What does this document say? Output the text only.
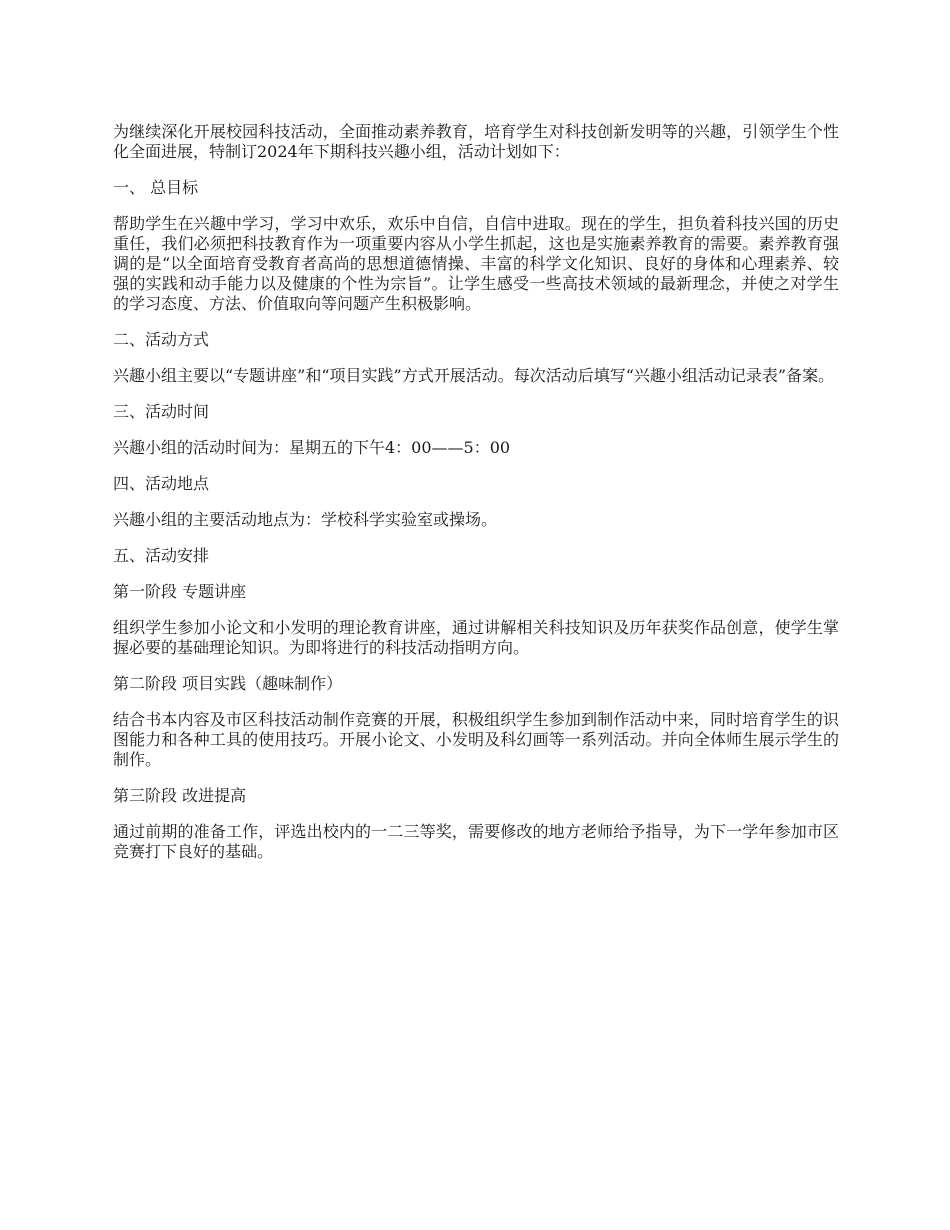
为继续深化开展校园科技活动，全面推动素养教育，培育学生对科技创新发明等的兴趣，引领学生个性化全面进展，特制订2024年下期科技兴趣小组，活动计划如下：

一、 总目标

帮助学生在兴趣中学习，学习中欢乐，欢乐中自信，自信中进取。现在的学生，担负着科技兴国的历史重任，我们必须把科技教育作为一项重要内容从小学生抓起，这也是实施素养教育的需要。素养教育强调的是“以全面培育受教育者高尚的思想道德情操、丰富的科学文化知识、良好的身体和心理素养、较强的实践和动手能力以及健康的个性为宗旨”。让学生感受一些高技术领域的最新理念，并使之对学生的学习态度、方法、价值取向等问题产生积极影响。

二、活动方式

兴趣小组主要以“专题讲座”和“项目实践”方式开展活动。每次活动后填写“兴趣小组活动记录表”备案。

三、活动时间

兴趣小组的活动时间为：星期五的下午4：00——5：00

四、活动地点

兴趣小组的主要活动地点为：学校科学实验室或操场。

五、活动安排

第一阶段 专题讲座

组织学生参加小论文和小发明的理论教育讲座，通过讲解相关科技知识及历年获奖作品创意，使学生掌握必要的基础理论知识。为即将进行的科技活动指明方向。

第二阶段 项目实践（趣味制作）

结合书本内容及市区科技活动制作竞赛的开展，积极组织学生参加到制作活动中来，同时培育学生的识图能力和各种工具的使用技巧。开展小论文、小发明及科幻画等一系列活动。并向全体师生展示学生的制作。

第三阶段 改进提高

通过前期的准备工作，评选出校内的一二三等奖，需要修改的地方老师给予指导，为下一学年参加市区竞赛打下良好的基础。
